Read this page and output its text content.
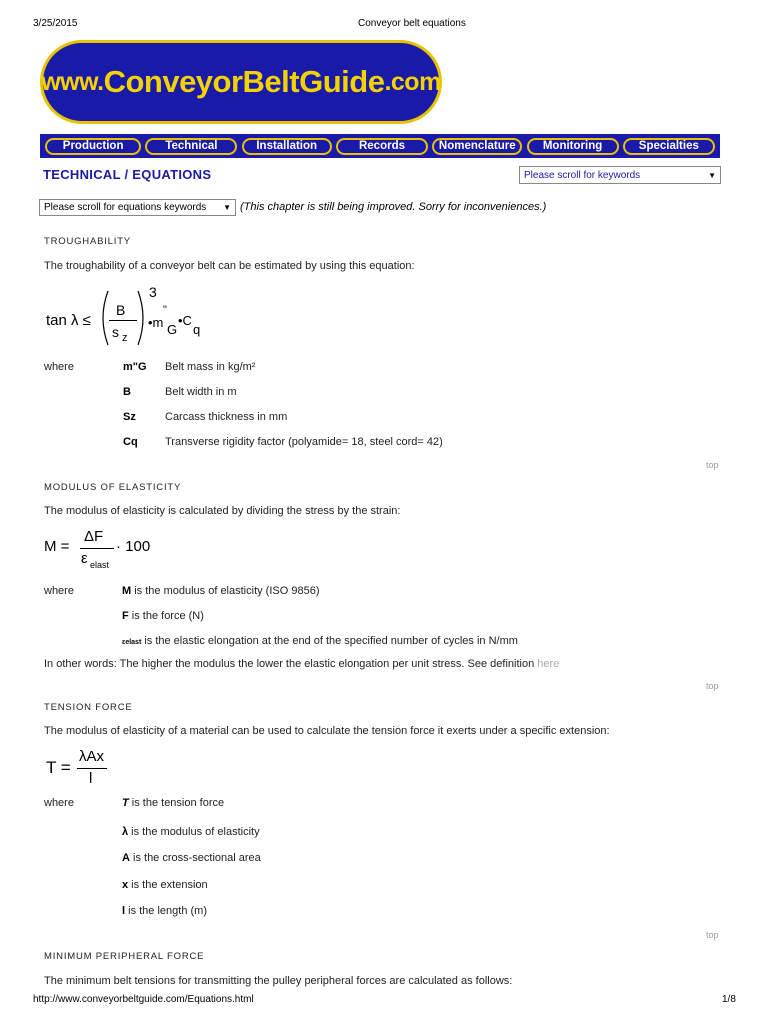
3/25/2015	Conveyor belt equations
www. ConveyorBeltGuide .com
Production	Technical	Installation	Records	Nomenclature	Monitoring	Specialties
TECHNICAL / EQUATIONS	Please scroll for keywords	▼
Please scroll for equations keywords ▼ (This chapter is still being improved. Sorry for inconveniences.)
TROUGHABILITY
The troughability of a conveyor belt can be estimated by using this equation:
tan λ ≤
B
s z
3
•m
"
G
•C
q
where	m"G Belt mass in kg/m²
B	Belt width in m
Sz	Carcass thickness in mm
Cq Transverse rigidity factor (polyamide= 18, steel cord= 42)
top
MODULUS OF ELASTICITY
The modulus of elasticity is calculated by dividing the stress by the strain:
M =
ΔF
ε elast
· 100
where	M is the modulus of elasticity (ISO 9856)
F is the force (N)
εelast is the elastic elongation at the end of the specified number of cycles in N/mm
In other words: The higher the modulus the lower the elastic elongation per unit stress. See definition here
top
TENSION FORCE
The modulus of elasticity of a material can be used to calculate the tension force it exerts under a specific extension:
T =
λAx
l
where	T is the tension force
λ is the modulus of elasticity
A is the cross-sectional area
x is the extension
l is the length (m)
top
MINIMUM PERIPHERAL FORCE
The minimum belt tensions for transmitting the pulley peripheral forces are calculated as follows:
http://www.conveyorbeltguide.com/Equations.html	1/8
